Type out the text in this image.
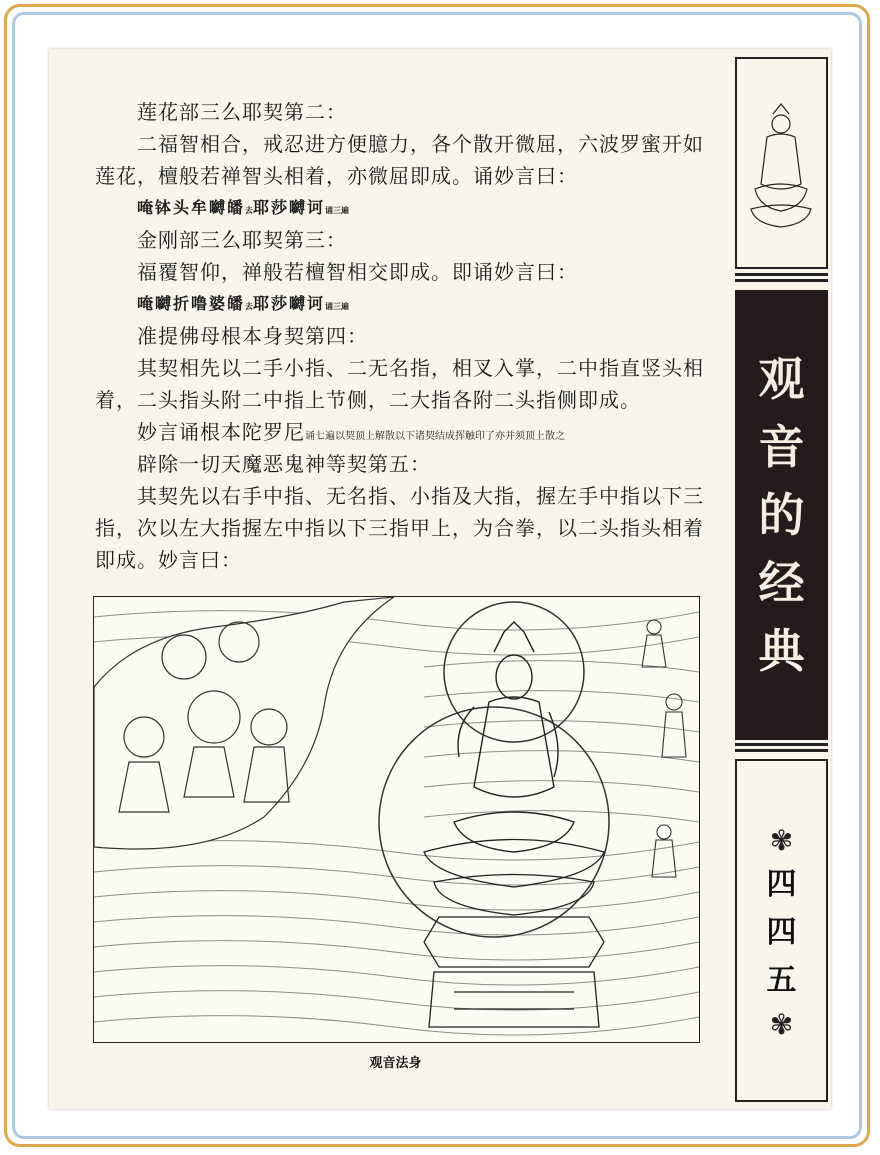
莲花部三么耶契第二：
二福智相合，戒忍进方便臆力，各个散开微屈，六波罗蜜开如
莲花，檀般若禅智头相着，亦微屈即成。诵妙言曰：
唵钵头牟嚩皤去耶莎嚩诃诵三遍
金刚部三么耶契第三：
福覆智仰，禅般若檀智相交即成。即诵妙言曰：
唵嚩折噜婆皤去耶莎嚩诃诵三遍
准提佛母根本身契第四：
其契相先以二手小指、二无名指，相叉入掌，二中指直竖头相
着，二头指头附二中指上节侧，二大指各附二头指侧即成。
妙言诵根本陀罗尼诵七遍以契顶上解散以下诸契结成挥触印了亦并须顶上散之
辟除一切天魔恶鬼神等契第五：
其契先以右手中指、无名指、小指及大指，握左手中指以下三
指，次以左大指握左中指以下三指甲上，为合拳，以二头指头相着
即成。妙言曰：
观音法身
观
音
的
经
典
✾
四
四
五
✾
